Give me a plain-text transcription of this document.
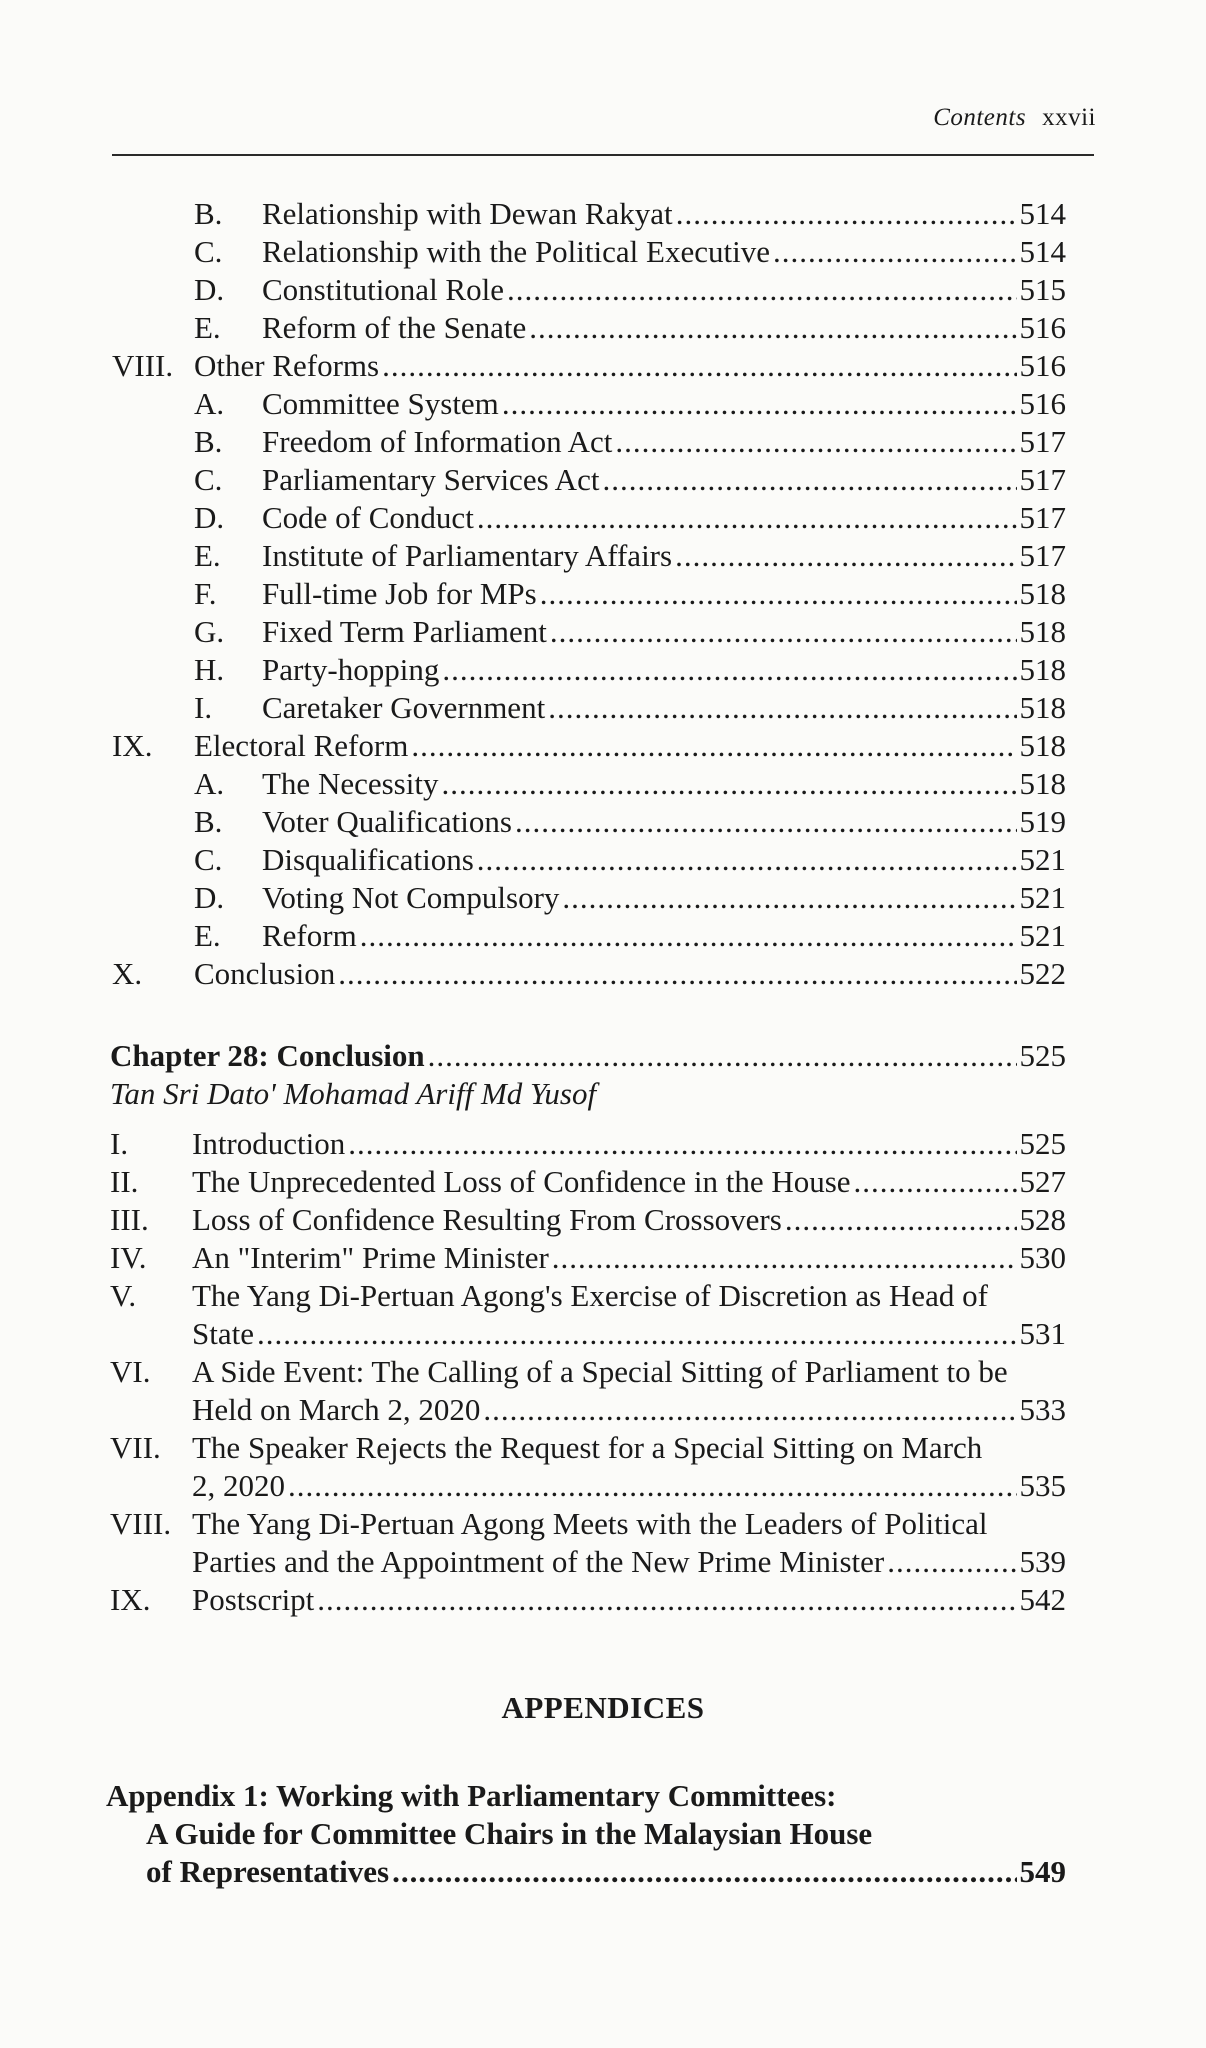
Contents xxvii
B.	Relationship with Dewan Rakyat .....	514
C.	Relationship with the Political Executive .....	514
D.	Constitutional Role .....	515
E.	Reform of the Senate .....	516
VIII. Other Reforms .....	516
A.	Committee System .....	516
B.	Freedom of Information Act .....	517
C.	Parliamentary Services Act .....	517
D.	Code of Conduct .....	517
E.	Institute of Parliamentary Affairs .....	517
F.	Full-time Job for MPs .....	518
G.	Fixed Term Parliament .....	518
H.	Party-hopping .....	518
I.	Caretaker Government .....	518
IX.	Electoral Reform .....	518
A.	The Necessity .....	518
B.	Voter Qualifications .....	519
C.	Disqualifications .....	521
D.	Voting Not Compulsory .....	521
E.	Reform .....	521
X.	Conclusion .....	522
Chapter 28: Conclusion .....	525
Tan Sri Dato' Mohamad Ariff Md Yusof
I.	Introduction .....	525
II.	The Unprecedented Loss of Confidence in the House .....	527
III.	Loss of Confidence Resulting From Crossovers .....	528
IV.	An "Interim" Prime Minister .....	530
V. The Yang Di-Pertuan Agong's Exercise of Discretion as Head of
State .....	531
VI. A Side Event: The Calling of a Special Sitting of Parliament to be
Held on March 2, 2020 .....	533
VII. The Speaker Rejects the Request for a Special Sitting on March
2, 2020 .....	535
VIII. The Yang Di-Pertuan Agong Meets with the Leaders of Political
Parties and the Appointment of the New Prime Minister .....	539
IX.	Postscript .....	542
APPENDICES
Appendix 1: Working with Parliamentary Committees:
A Guide for Committee Chairs in the Malaysian House
of Representatives .....	549
